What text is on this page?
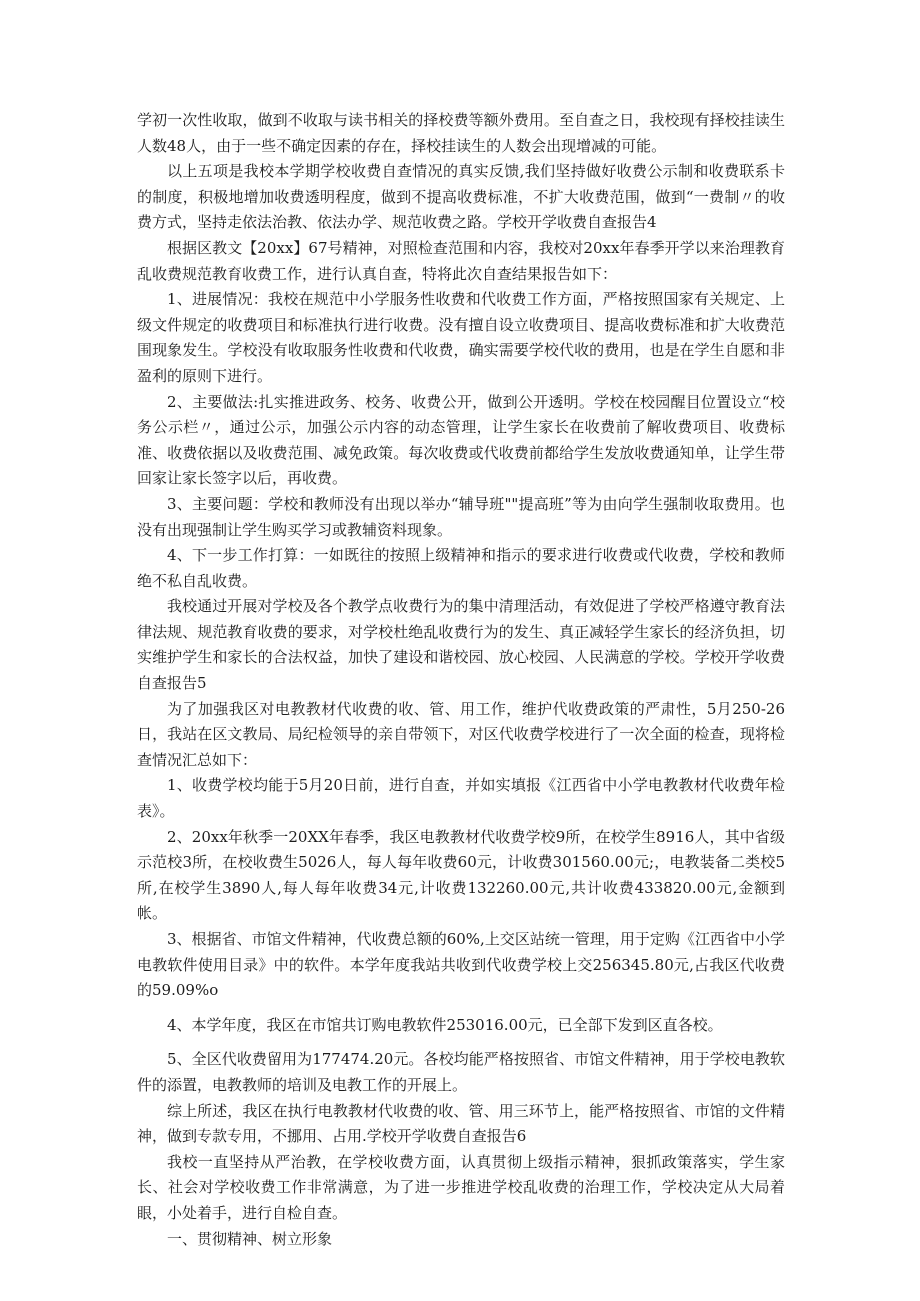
学初一次性收取，做到不收取与读书相关的择校费等额外费用。至自查之日，我校现有择校挂读生人数48人，由于一些不确定因素的存在，择校挂读生的人数会出现增减的可能。

以上五项是我校本学期学校收费自查情况的真实反馈,我们坚持做好收费公示制和收费联系卡的制度，积极地增加收费透明程度，做到不提高收费标准，不扩大收费范围，做到“一费制〃的收费方式，坚持走依法治教、依法办学、规范收费之路。学校开学收费自查报告4

根据区教文【20xx】67号精神，对照检查范围和内容，我校对20xx年春季开学以来治理教育乱收费规范教育收费工作，进行认真自查，特将此次自查结果报告如下：

1、进展情况：我校在规范中小学服务性收费和代收费工作方面，严格按照国家有关规定、上级文件规定的收费项目和标准执行进行收费。没有擅自设立收费项目、提高收费标准和扩大收费范围现象发生。学校没有收取服务性收费和代收费，确实需要学校代收的费用，也是在学生自愿和非盈利的原则下进行。

2、主要做法:扎实推进政务、校务、收费公开，做到公开透明。学校在校园醒目位置设立“校务公示栏〃，通过公示，加强公示内容的动态管理，让学生家长在收费前了解收费项目、收费标准、收费依据以及收费范围、减免政策。每次收费或代收费前都给学生发放收费通知单，让学生带回家让家长签字以后，再收费。

3、主要问题：学校和教师没有出现以举办“辅导班""提高班”等为由向学生强制收取费用。也没有出现强制让学生购买学习或教辅资料现象。

4、下一步工作打算：一如既往的按照上级精神和指示的要求进行收费或代收费，学校和教师绝不私自乱收费。

我校通过开展对学校及各个教学点收费行为的集中清理活动，有效促进了学校严格遵守教育法律法规、规范教育收费的要求，对学校杜绝乱收费行为的发生、真正减轻学生家长的经济负担，切实维护学生和家长的合法权益，加快了建设和谐校园、放心校园、人民满意的学校。学校开学收费自查报告5

为了加强我区对电教教材代收费的收、管、用工作，维护代收费政策的严肃性，5月250-26日，我站在区文教局、局纪检领导的亲自带领下，对区代收费学校进行了一次全面的检查，现将检查情况汇总如下：

1、收费学校均能于5月20日前，进行自查，并如实填报《江西省中小学电教教材代收费年检表》。

2、20xx年秋季一20XX年春季，我区电教教材代收费学校9所，在校学生8916人，其中省级示范校3所，在校收费生5026人，每人每年收费60元，计收费301560.00元;，电教装备二类校5所,在校学生3890人,每人每年收费34元,计收费132260.00元,共计收费433820.00元,金额到帐。

3、根据省、市馆文件精神，代收费总额的60%,上交区站统一管理，用于定购《江西省中小学电教软件使用目录》中的软件。本学年度我站共收到代收费学校上交256345.80元,占我区代收费的59.09%o

4、本学年度，我区在市馆共订购电教软件253016.00元，已全部下发到区直各校。

5、全区代收费留用为177474.20元。各校均能严格按照省、市馆文件精神，用于学校电教软件的添置，电教教师的培训及电教工作的开展上。

综上所述，我区在执行电教教材代收费的收、管、用三环节上，能严格按照省、市馆的文件精神，做到专款专用，不挪用、占用.学校开学收费自查报告6

我校一直坚持从严治教，在学校收费方面，认真贯彻上级指示精神，狠抓政策落实，学生家长、社会对学校收费工作非常满意，为了进一步推进学校乱收费的治理工作，学校决定从大局着眼，小处着手，进行自检自查。

一、贯彻精神、树立形象
